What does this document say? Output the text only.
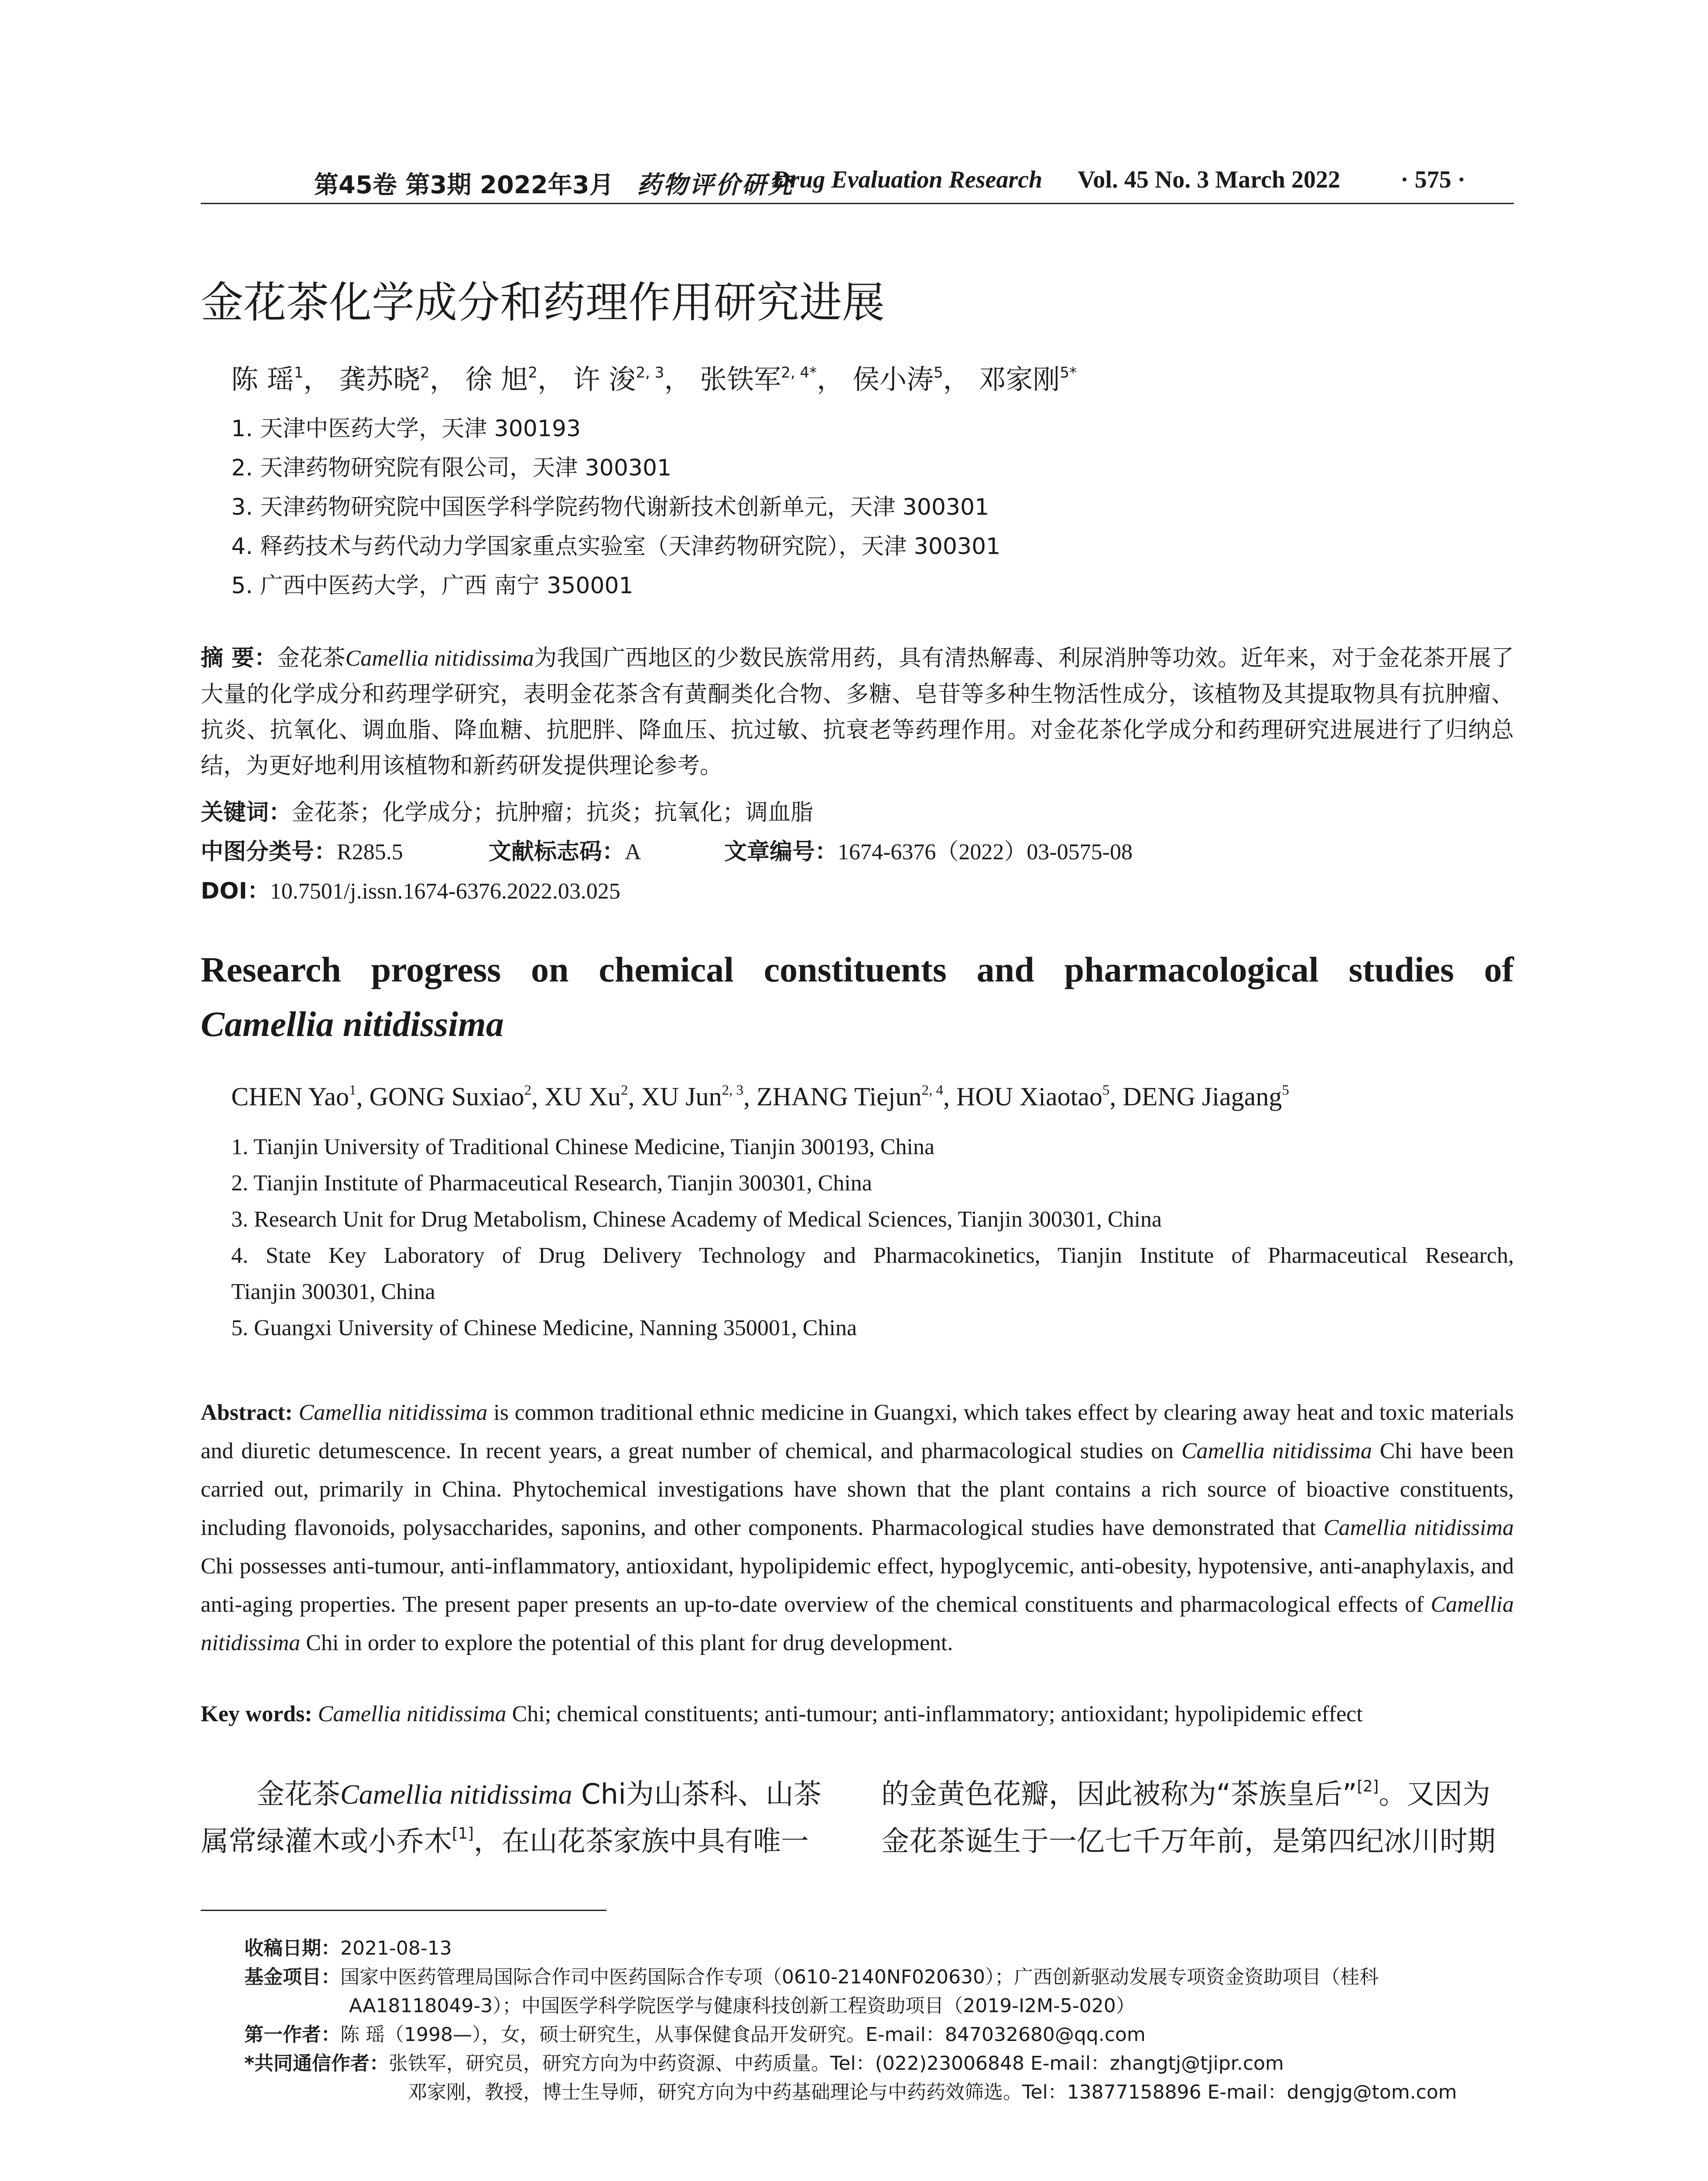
第45卷 第3期 2022年3月 药物评价研究
Drug Evaluation Research Vol. 45 No. 3 March 2022 · 575 ·
金花茶化学成分和药理作用研究进展
陈 瑶$^1$， 龚苏晓$^2$， 徐 旭$^2$， 许 浚$^{2, 3}$， 张铁军$^{2, 4*}$， 侯小涛$^5$， 邓家刚$^{5*}$
1. 天津中医药大学，天津 300193
2. 天津药物研究院有限公司，天津 300301
3. 天津药物研究院中国医学科学院药物代谢新技术创新单元，天津 300301
4. 释药技术与药代动力学国家重点实验室（天津药物研究院），天津 300301
5. 广西中医药大学，广西 南宁 350001
摘 要：金花茶Camellia nitidissima为我国广西地区的少数民族常用药，具有清热解毒、利尿消肿等功效。近年来，对于金花茶开展了大量的化学成分和药理学研究，表明金花茶含有黄酮类化合物、多糖、皂苷等多种生物活性成分，该植物及其提取物具有抗肿瘤、抗炎、抗氧化、调血脂、降血糖、抗肥胖、降血压、抗过敏、抗衰老等药理作用。对金花茶化学成分和药理研究进展进行了归纳总结，为更好地利用该植物和新药研发提供理论参考。
关键词：金花茶；化学成分；抗肿瘤；抗炎；抗氧化；调血脂
中图分类号：R285.5	文献标志码：A	文章编号：1674-6376（2022）03-0575-08
DOI：10.7501/j.issn.1674-6376.2022.03.025
Research progress on chemical constituents and pharmacological studies of
Camellia nitidissima
CHEN Yao$^1$, GONG Suxiao$^2$, XU Xu$^2$, XU Jun$^{2, 3}$, ZHANG Tiejun$^{2, 4}$, HOU Xiaotao$^5$, DENG Jiagang$^5$
1. Tianjin University of Traditional Chinese Medicine, Tianjin 300193, China
2. Tianjin Institute of Pharmaceutical Research, Tianjin 300301, China
3. Research Unit for Drug Metabolism, Chinese Academy of Medical Sciences, Tianjin 300301, China
4. State Key Laboratory of Drug Delivery Technology and Pharmacokinetics, Tianjin Institute of Pharmaceutical Research,
Tianjin 300301, China
5. Guangxi University of Chinese Medicine, Nanning 350001, China
Abstract: Camellia nitidissima is common traditional ethnic medicine in Guangxi, which takes effect by clearing away heat and toxic materials and diuretic detumescence. In recent years, a great number of chemical, and pharmacological studies on Camellia nitidissima Chi have been carried out, primarily in China. Phytochemical investigations have shown that the plant contains a rich source of bioactive constituents, including flavonoids, polysaccharides, saponins, and other components. Pharmacological studies have demonstrated that Camellia nitidissima Chi possesses anti-tumour, anti-inflammatory, antioxidant, hypolipidemic effect, hypoglycemic, anti-obesity, hypotensive, anti-anaphylaxis, and anti-aging properties. The present paper presents an up-to-date overview of the chemical constituents and pharmacological effects of Camellia nitidissima Chi in order to explore the potential of this plant for drug development.
Key words: Camellia nitidissima Chi; chemical constituents; anti-tumour; anti-inflammatory; antioxidant; hypolipidemic effect
金花茶Camellia nitidissima Chi为山茶科、山茶
属常绿灌木或小乔木[1]，在山花茶家族中具有唯一
的金黄色花瓣，因此被称为“茶族皇后”[2]。又因为
金花茶诞生于一亿七千万年前，是第四纪冰川时期
收稿日期：2021-08-13
基金项目：国家中医药管理局国际合作司中医药国际合作专项（0610-2140NF020630）；广西创新驱动发展专项资金资助项目（桂科
AA18118049-3）；中国医学科学院医学与健康科技创新工程资助项目（2019-I2M-5-020）
第一作者：陈 瑶（1998—），女，硕士研究生，从事保健食品开发研究。E-mail：847032680@qq.com
*共同通信作者：张铁军，研究员，研究方向为中药资源、中药质量。Tel：(022)23006848 E-mail：zhangtj@tjipr.com
邓家刚，教授，博士生导师，研究方向为中药基础理论与中药药效筛选。Tel：13877158896 E-mail：dengjg@tom.com
